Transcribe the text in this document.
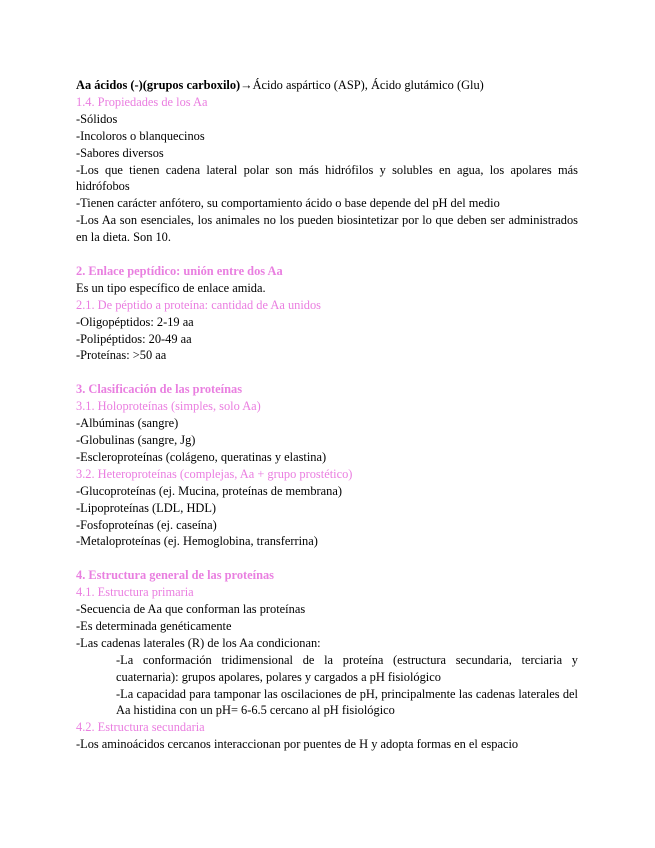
Aa ácidos (-)(grupos carboxilo)→Ácido aspártico (ASP), Ácido glutámico (Glu)

1.4. Propiedades de los Aa

-Sólidos

-Incoloros o blanquecinos

-Sabores diversos

-Los que tienen cadena lateral polar son más hidrófilos y solubles en agua, los apolares más hidrófobos

-Tienen carácter anfótero, su comportamiento ácido o base depende del pH del medio

-Los Aa son esenciales, los animales no los pueden biosintetizar por lo que deben ser administrados en la dieta. Son 10.

2. Enlace peptídico: unión entre dos Aa

Es un tipo específico de enlace amida.

2.1. De péptido a proteína: cantidad de Aa unidos

-Oligopéptidos: 2-19 aa

-Polipéptidos: 20-49 aa

-Proteínas: >50 aa

3. Clasificación de las proteínas

3.1. Holoproteínas (simples, solo Aa)

-Albúminas (sangre)

-Globulinas (sangre, Jg)

-Escleroproteínas (colágeno, queratinas y elastina)

3.2. Heteroproteínas (complejas, Aa + grupo prostético)

-Glucoproteínas (ej. Mucina, proteínas de membrana)

-Lipoproteínas (LDL, HDL)

-Fosfoproteínas (ej. caseína)

-Metaloproteínas (ej. Hemoglobina, transferrina)

4. Estructura general de las proteínas

4.1. Estructura primaria

-Secuencia de Aa que conforman las proteínas

-Es determinada genéticamente

-Las cadenas laterales (R) de los Aa condicionan:

-La conformación tridimensional de la proteína (estructura secundaria, terciaria y cuaternaria): grupos apolares, polares y cargados a pH fisiológico

-La capacidad para tamponar las oscilaciones de pH, principalmente las cadenas laterales del Aa histidina con un pH= 6-6.5 cercano al pH fisiológico

4.2. Estructura secundaria

-Los aminoácidos cercanos interaccionan por puentes de H y adopta formas en el espacio
